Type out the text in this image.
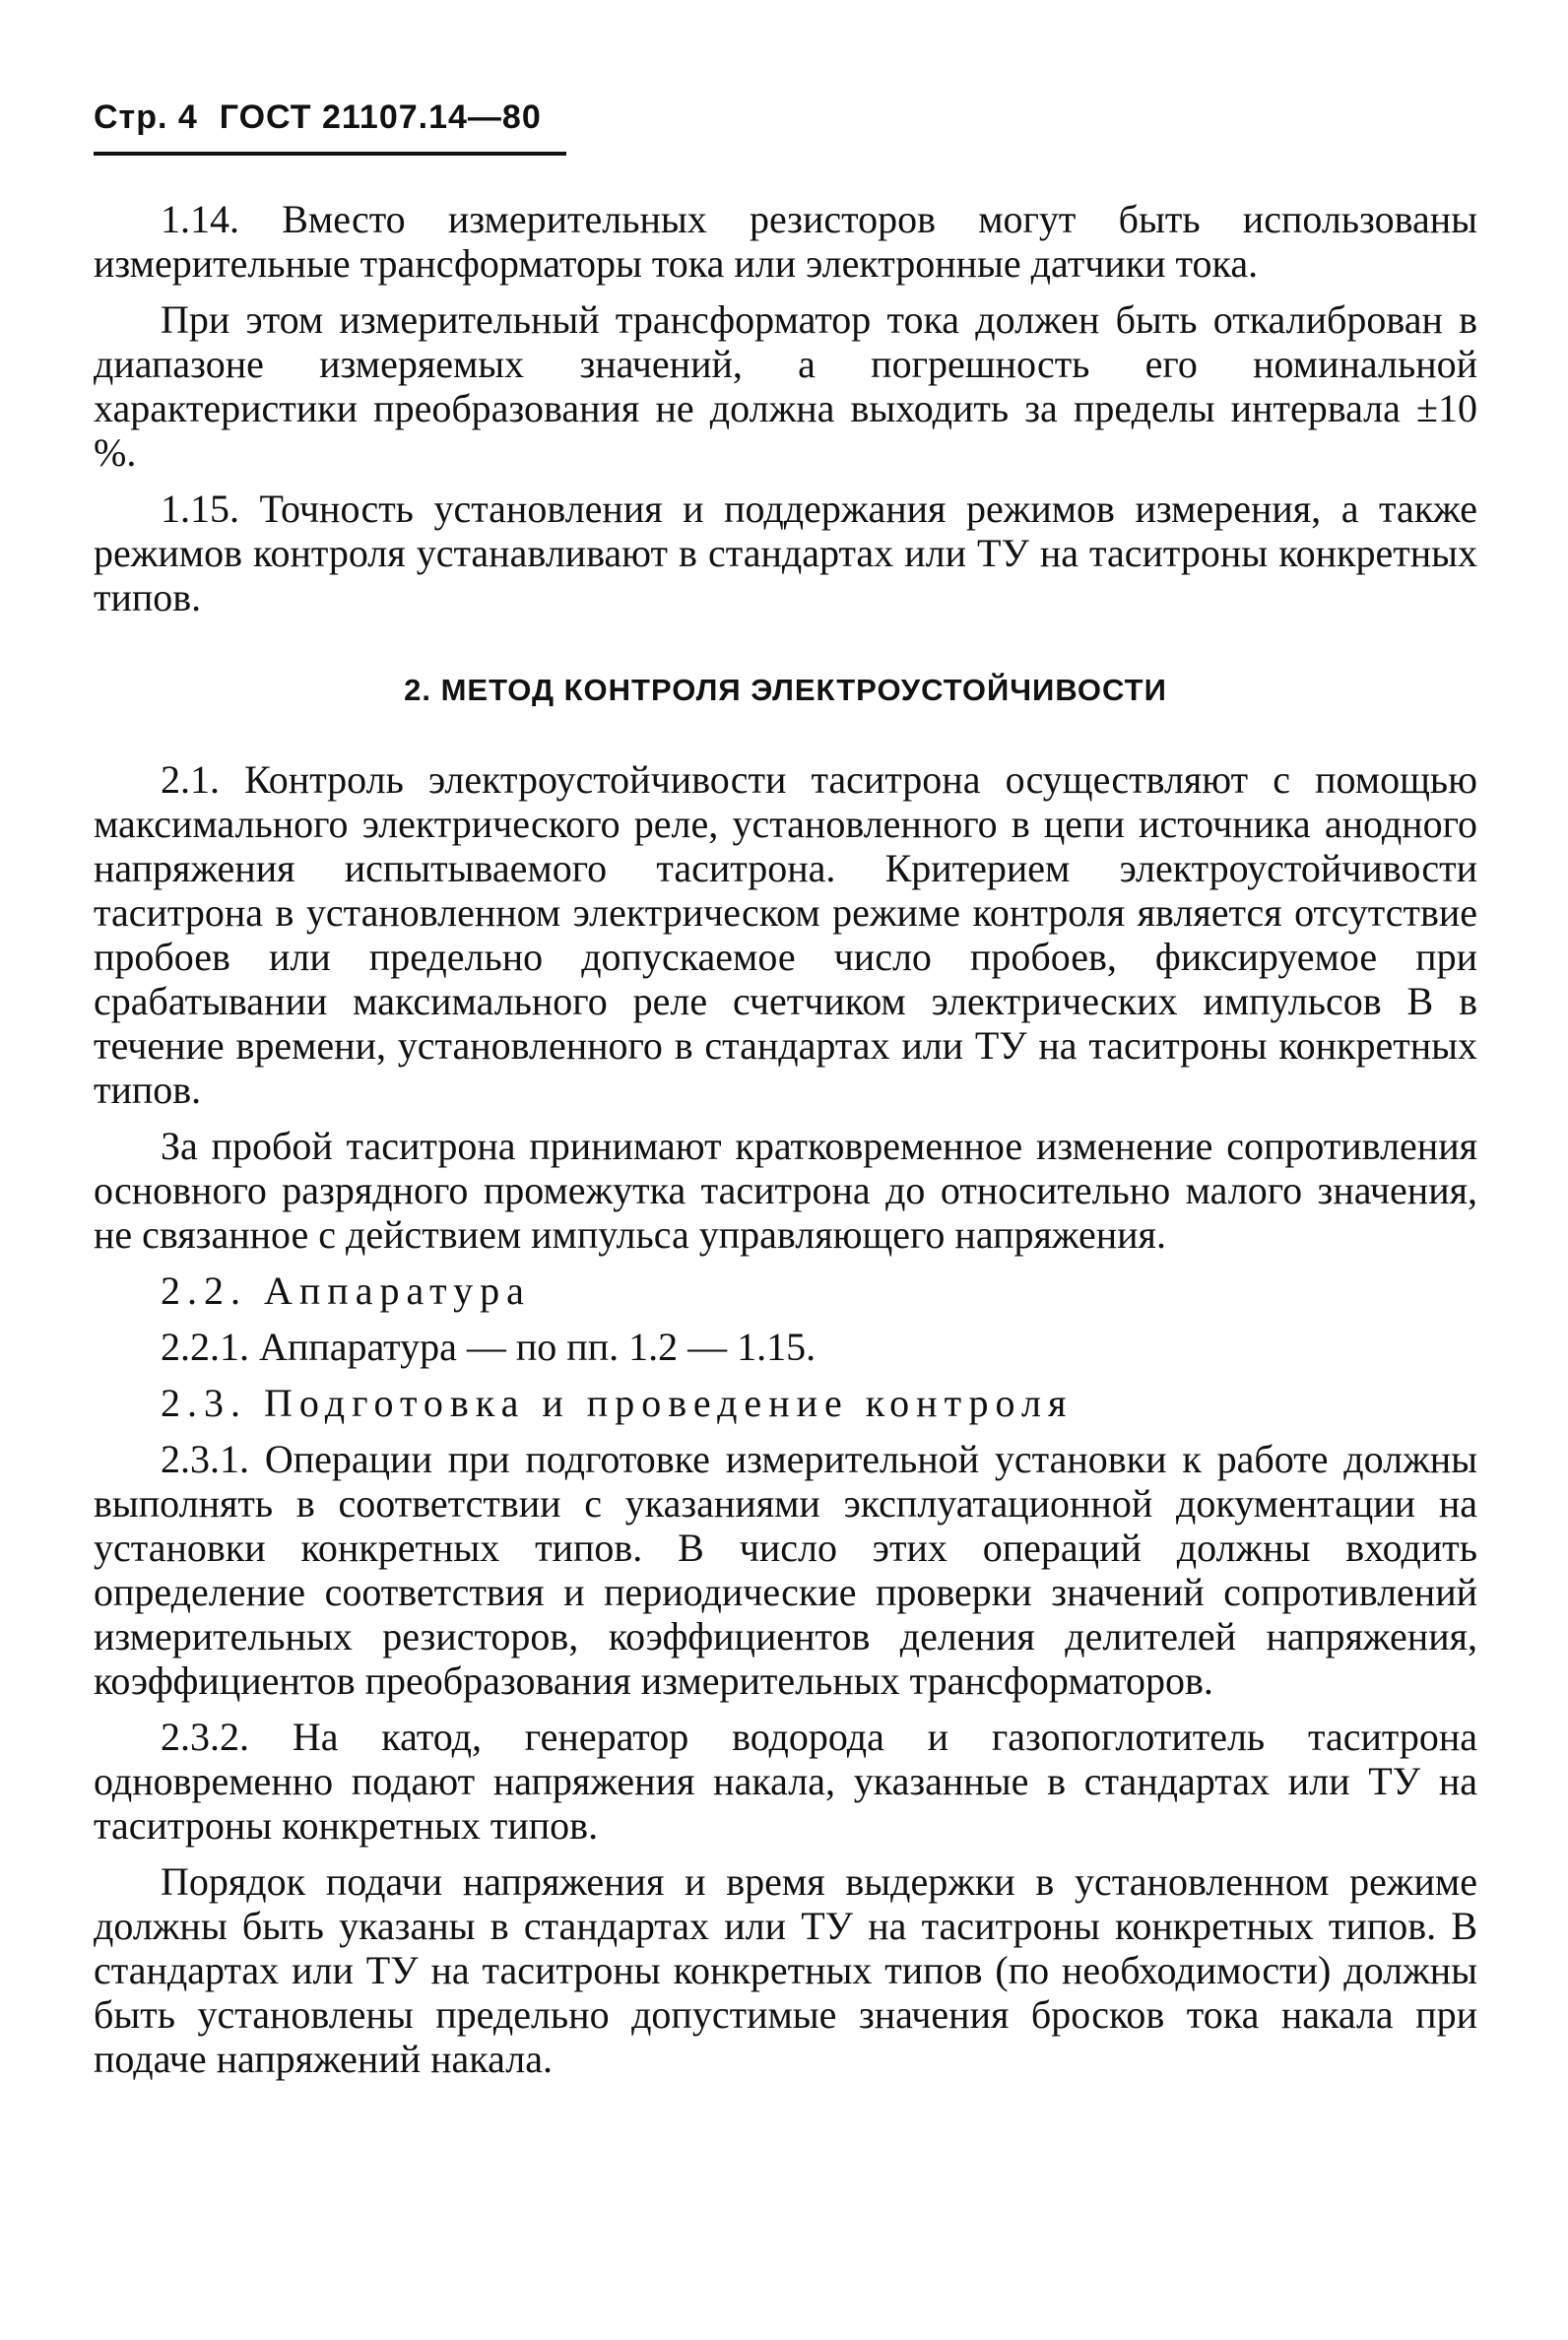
Стр. 4 ГОСТ 21107.14—80

1.14. Вместо измерительных резисторов могут быть использованы измерительные трансформаторы тока или электронные датчики тока.

При этом измерительный трансформатор тока должен быть откалиброван в диапазоне измеряемых значений, а погрешность его номинальной характеристики преобразования не должна выходить за пределы интервала ±10 %.

1.15. Точность установления и поддержания режимов измерения, а также режимов контроля устанавливают в стандартах или ТУ на таситроны конкретных типов.

2. МЕТОД КОНТРОЛЯ ЭЛЕКТРОУСТОЙЧИВОСТИ

2.1. Контроль электроустойчивости таситрона осуществляют с помощью максимального электрического реле, установленного в цепи источника анодного напряжения испытываемого таситрона. Критерием электроустойчивости таситрона в установленном электрическом режиме контроля является отсутствие пробоев или предельно допускаемое число пробоев, фиксируемое при срабатывании максимального реле счетчиком электрических импульсов B в течение времени, установленного в стандартах или ТУ на таситроны конкретных типов.

За пробой таситрона принимают кратковременное изменение сопротивления основного разрядного промежутка таситрона до относительно малого значения, не связанное с действием импульса управляющего напряжения.

2.2. Аппаратура

2.2.1. Аппаратура — по пп. 1.2 — 1.15.

2.3. Подготовка и проведение контроля

2.3.1. Операции при подготовке измерительной установки к работе должны выполнять в соответствии с указаниями эксплуатационной документации на установки конкретных типов. В число этих операций должны входить определение соответствия и периодические проверки значений сопротивлений измерительных резисторов, коэффициентов деления делителей напряжения, коэффициентов преобразования измерительных трансформаторов.

2.3.2. На катод, генератор водорода и газопоглотитель таситрона одновременно подают напряжения накала, указанные в стандартах или ТУ на таситроны конкретных типов.

Порядок подачи напряжения и время выдержки в установленном режиме должны быть указаны в стандартах или ТУ на таситроны конкретных типов. В стандартах или ТУ на таситроны конкретных типов (по необходимости) должны быть установлены предельно допустимые значения бросков тока накала при подаче напряжений накала.
